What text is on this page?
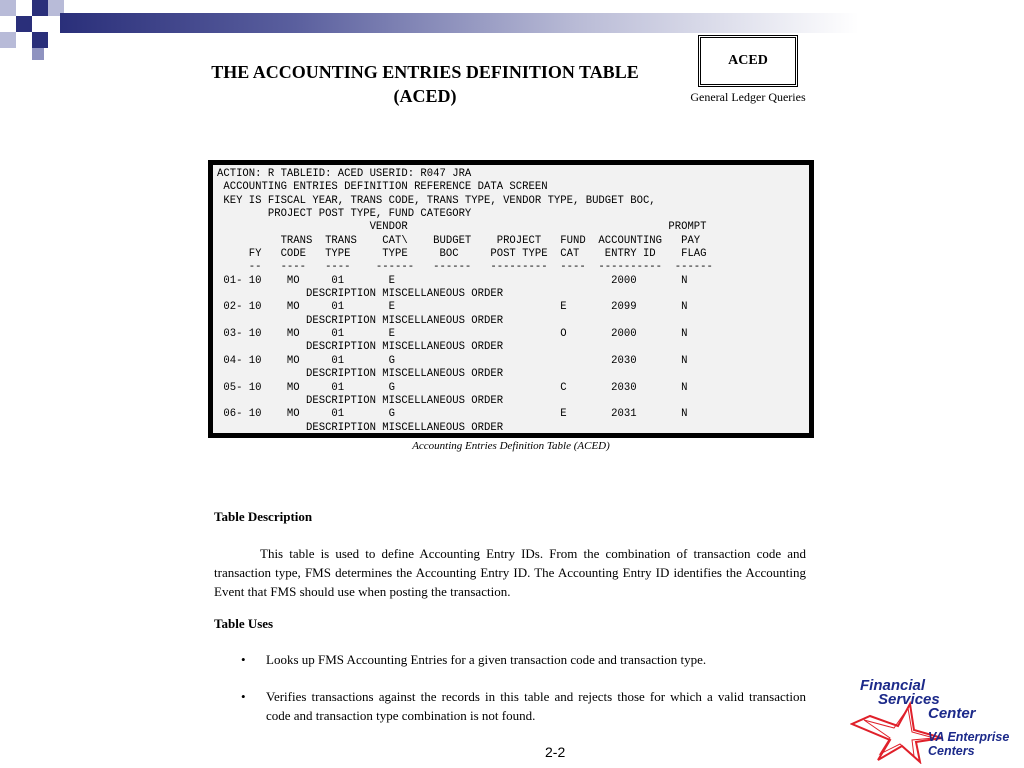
THE ACCOUNTING ENTRIES DEFINITION TABLE (ACED)
ACED
General Ledger Queries
ACTION: R TABLEID: ACED USERID: R047 JRA
ACCOUNTING ENTRIES DEFINITION REFERENCE DATA SCREEN
KEY IS FISCAL YEAR, TRANS CODE, TRANS TYPE, VENDOR TYPE, BUDGET BOC,
PROJECT POST TYPE, FUND CATEGORY
VENDOR                                         PROMPT
TRANS  TRANS    CAT\    BUDGET    PROJECT   FUND  ACCOUNTING   PAY
FY   CODE   TYPE     TYPE     BOC     POST TYPE  CAT    ENTRY ID    FLAG
--   ----   ----    ------   ------   ---------  ----  ----------  ------
01- 10    MO     01       E                                  2000       N
DESCRIPTION MISCELLANEOUS ORDER
02- 10    MO     01       E                          E       2099       N
DESCRIPTION MISCELLANEOUS ORDER
03- 10    MO     01       E                          O       2000       N
DESCRIPTION MISCELLANEOUS ORDER
04- 10    MO     01       G                                  2030       N
DESCRIPTION MISCELLANEOUS ORDER
05- 10    MO     01       G                          C       2030       N
DESCRIPTION MISCELLANEOUS ORDER
06- 10    MO     01       G                          E       2031       N
DESCRIPTION MISCELLANEOUS ORDER

Accounting Entries Definition Table (ACED)
Table Description

This table is used to define Accounting Entry IDs. From the combination of transaction code and transaction type, FMS determines the Accounting Entry ID. The Accounting Entry ID identifies the Accounting Event that FMS should use when posting the transaction.

Table Uses
• Looks up FMS Accounting Entries for a given transaction code and transaction type.
• Verifies transactions against the records in this table and rejects those for which a valid transaction code and transaction type combination is not found.
2-2
Financial
Services
Center
VA Enterprise
Centers
